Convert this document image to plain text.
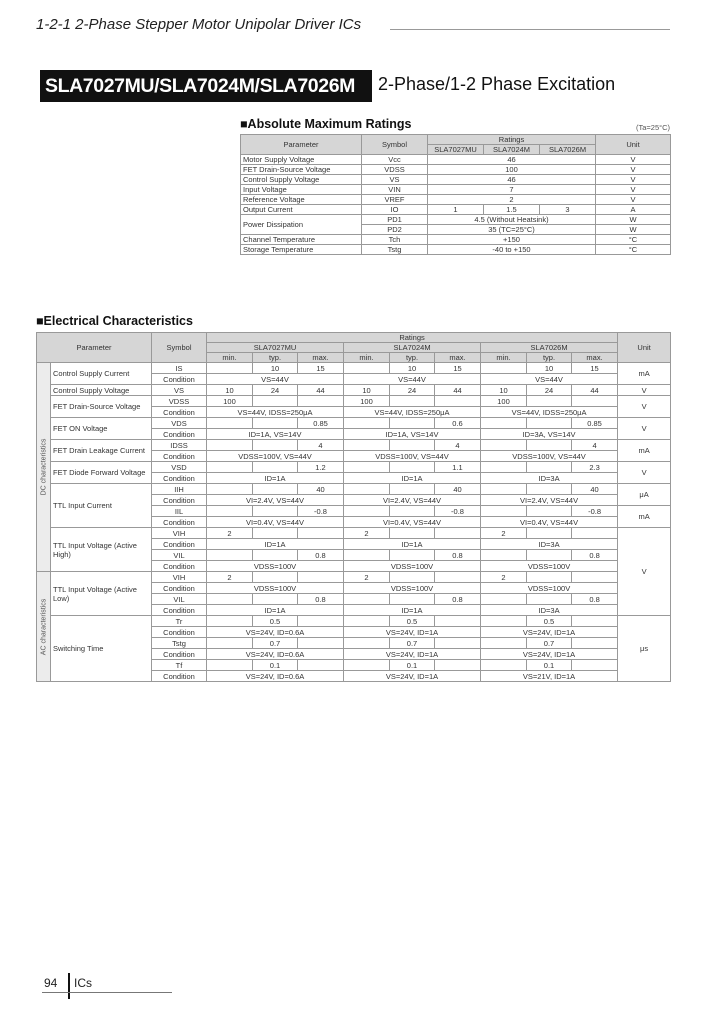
1-2-1 2-Phase Stepper Motor Unipolar Driver ICs
SLA7027MU/SLA7024M/SLA7026M	2-Phase/1-2 Phase Excitation
■Absolute Maximum Ratings	(Ta=25°C)
Parameter	Symbol	Ratings			Unit
		SLA7027MU	SLA7024M	SLA7026M	
Motor Supply Voltage	Vcc	46			V
FET Drain-Source Voltage	VDSS	100			V
Control Supply Voltage	VS	46			V
Input Voltage	VIN	7			V
Reference Voltage	VREF	2			V
Output Current	IO	1	1.5	3	A
Power Dissipation	PD1	4.5 (Without Heatsink)			W
	PD2	35 (TC=25°C)			W
Channel Temperature	Tch	+150			°C
Storage Temperature	Tstg	-40 to +150			°C
■Electrical Characteristics
Parameter		Symbol	Ratings									Unit
			SLA7027MU			SLA7024M			SLA7026M			
			min.	typ.	max.	min.	typ.	max.	min.	typ.	max.	

DC characteristics	Control Supply Current	IS		10	15		10	15		10	15	mA
		Condition	VS=44V			VS=44V			VS=44V			
	Control Supply Voltage	VS	10	24	44	10	24	44	10	24	44	V
	FET Drain-Source Voltage	VDSS	100			100			100			V
		Condition	VS=44V, IDSS=250μA			VS=44V, IDSS=250μA			VS=44V, IDSS=250μA			
	FET ON Voltage	VDS			0.85			0.6			0.85	V
		Condition	ID=1A, VS=14V			ID=1A, VS=14V			ID=3A, VS=14V			
	FET Drain Leakage Current	IDSS			4			4			4	mA
		Condition	VDSS=100V, VS=44V			VDSS=100V, VS=44V			VDSS=100V, VS=44V			
	FET Diode Forward Voltage	VSD			1.2			1.1			2.3	V
		Condition	ID=1A			ID=1A			ID=3A			
	TTL Input Current	IIH			40			40			40	μA
		Condition	VI=2.4V, VS=44V			VI=2.4V, VS=44V			VI=2.4V, VS=44V			
		IIL			-0.8			-0.8			-0.8	mA
		Condition	VI=0.4V, VS=44V			VI=0.4V, VS=44V			VI=0.4V, VS=44V			
	TTL Input Voltage (Active High)	VIH	2			2			2			V
		Condition	ID=1A			ID=1A			ID=3A			
		VIL			0.8			0.8			0.8	
		Condition	VDSS=100V			VDSS=100V			VDSS=100V			

AC characteristics	TTL Input Voltage (Active Low)	VIH	2			2			2			
		Condition	VDSS=100V			VDSS=100V			VDSS=100V			
		VIL			0.8			0.8			0.8	
		Condition	ID=1A			ID=1A			ID=3A			
	Switching Time	Tr		0.5			0.5			0.5		μs
		Condition	VS=24V, ID=0.6A			VS=24V, ID=1A			VS=24V, ID=1A			
		Tstg		0.7			0.7			0.7		
		Condition	VS=24V, ID=0.6A			VS=24V, ID=1A			VS=24V, ID=1A			
		Tf		0.1			0.1			0.1		
		Condition	VS=24V, ID=0.6A			VS=24V, ID=1A			VS=21V, ID=1A			
94 ICs
